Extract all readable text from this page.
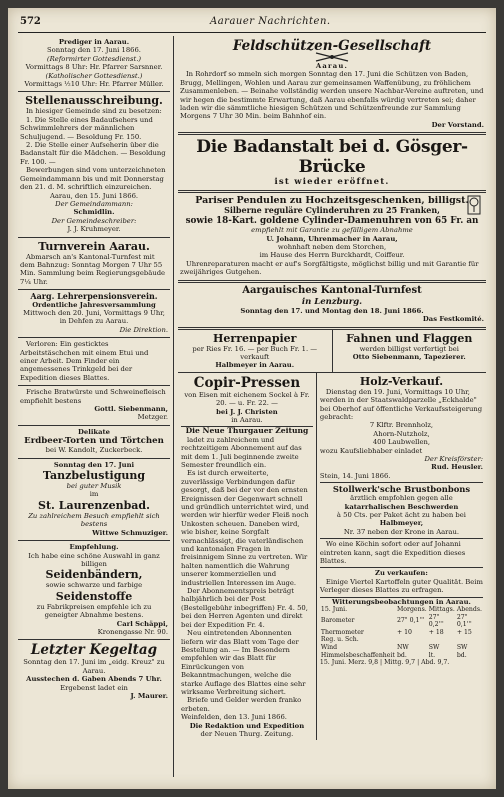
572	Aarauer Nachrichten.

Prediger in Aarau.

Sonntag den 17. Juni 1866.

(Reformirter Gottesdienst.)

Vormittags 8 Uhr: Hr. Pfarrer Sarsnner.

(Katholischer Gottesdienst.)

Vormittags ½10 Uhr: Hr. Pfarrer Müller.

Stellenausschreibung.

In hiesiger Gemeinde sind zu besetzen:

1. Die Stelle eines Badaufsehers und Schwimmlehrers der männlichen Schuljugend. — Besoldung Fr. 150.

2. Die Stelle einer Aufseherin über die Badanstalt für die Mädchen. — Besoldung Fr. 100. —

Bewerbungen sind vom unterzeichneten Gemeindammann bis und mit Donnerstag den 21. d. M. schriftlich einzureichen.

Aarau, den 15. Juni 1866.

Der Gemeindammann:

Schmidlin.

Der Gemeindeschreiber:

J. J. Kruhmeyer.

Turnverein Aarau.

Abmarsch an's Kantonal-Turnfest mit dem Bahnzug: Sonntag Morgen 7 Uhr 55 Min. Sammlung beim Regierungsgebäude 7¼ Uhr.

Aarg. Lehrerpensionsverein.

Ordentliche Jahresversammlung

Mittwoch den 20. Juni, Vormittags 9 Uhr, in Dehfen zu Aarau.

Die Direktion.

Verloren: Ein gesticktes Arbeitstäschchen mit einem Etui und einer Arbeit. Dem Finder ein angemessenes Trinkgeld bei der Expedition dieses Blattes.

Frische Bratwürste und Schweinefleisch empfiehlt bestens

Gottl. Siebenmann,

Metzger.

Delikate

Erdbeer-Torten und Törtchen

bei W. Kandolt, Zuckerbeck.

Sonntag den 17. Juni

Tanzbelustigung

bei guter Musik

im

St. Laurenzenbad.

Zu zahlreichem Besuch empfiehlt sich bestens

Wittwe Schmuziger.

Empfehlung.

Ich habe eine schöne Auswahl in ganz billigen

Seidenbändern,

sowie schwarze und farbige

Seidenstoffe

zu Fabrikpreisen empfehle ich zu geneigter Abnahme bestens.

Carl Schäppi,

Kronengasse Nr. 90.

Letzter Kegeltag

Sonntag den 17. Juni im „eidg. Kreuz" zu Aarau.

Ausstechen d. Gaben Abends 7 Uhr.

Ergebenst ladet ein

J. Maurer.

Feldschützen-Gesellschaft

Aarau.

In Rohrdorf so mmeln sich morgen Sonntag den 17. Juni die Schützen von Baden, Brugg, Mellingen, Wohlen und Aarau zur gemeinsamen Waffenübung, zu fröhlichem Zusammenleben. — Beinahe vollständig werden unsere Nachbar-Vereine auftreten, und wir hegen die bestimmte Erwartung, daß Aarau ebenfalls würdig vertreten sei; daher laden wir die sämmtliche hiesigen Schützen und Schützenfreunde zur Sammlung Morgens 7 Uhr 30 Min. beim Bahnhof ein.

Der Vorstand.

Die Badanstalt bei d. Gösger-Brücke

ist wieder eröffnet.

Pariser Pendulen zu Hochzeitsgeschenken, billigst.

Silberne reguläre Cylinderuhren zu 25 Franken,

sowie 18-Kart. goldene Cylinder-Damenuhren von 65 Fr. an

empfiehlt mit Garantie zu gefälligem Abnahme

U. Johann, Uhrenmacher in Aarau,

wohnhaft neben dem Storchen,

im Hause des Herrn Burckhardt, Coiffeur.

Uhrenreparaturen macht er auf's Sorgfältigste, möglichst billig und mit Garantie für zweijähriges Gutgehen.

Aargauisches Kantonal-Turnfest

in Lenzburg.

Sonntag den 17. und Montag den 18. Juni 1866.

Das Festkomité.

Herrenpapier

per Ries Fr. 16. — per Buch Fr. 1. — verkauft

Halbmeyer in Aarau.

Fahnen und Flaggen

werden billigst verfertigt bei

Otto Siebenmann, Tapezierer.

Copir-Pressen

von Eisen mit eichenem Sockel à Fr. 20. — u. Fr. 22. —

bei J. J. Christen

in Aarau.

Die Neue Thurgauer Zeitung

ladet zu zahlreichem und rechtzeitigem Abonnement auf das mit dem 1. Juli beginnende zweite Semester freundlich ein.

Es ist durch erweiterte, zuverlässige Verbindungen dafür gesorgt, daß bei der vor den ernsten Ereignissen der Gegenwart schnell und gründlich unterrichtet wird, und werden wir hierfür weder Fleiß noch Unkosten scheuen. Daneben wird, wie bisher, keine Sorgfalt vernachlässigt, die vaterländischen und kantonalen Fragen in freisinnigem Sinne zu vertreten. Wir halten namentlich die Wahrung unserer kommerziellen und industriellen Interessen im Auge.

Der Abonnementspreis beträgt halbjährlich bei der Post (Bestellgebühr inbegriffen) Fr. 4. 50, bei den Herren Agenten und direkt bei der Expedition Fr. 4.

Neu eintretenden Abonnenten liefern wir das Blatt vom Tage der Bestellung an. — Im Besondern empfehlen wir das Blatt für Einrückungen von Bekanntmachungen, welche die starke Auflage des Blattes eine sehr wirksame Verbreitung sichert.

Briefe und Gelder werden franko erbeten.

Weinfelden, den 13. Juni 1866.

Die Redaktion und Expedition

der Neuen Thurg. Zeitung.

Holz-Verkauf.

Dienstag den 19. Juni, Vormittags 10 Uhr, werden in der Staatswaldparzelle „Eckhalde" bei Oberhof auf öffentliche Verkaufssteigerung gebracht:

7 Klftr. Brennholz,

Ahorn-Nutzholz,

400 Laubwellen,

wozu Kaufsliebhaber einladet

Der Kreisförster:

Rud. Heusler.

Stein, 14. Juni 1866.

Stollwerk'sche Brustbonbons

ärztlich empfohlen gegen alle

katarrhalischen Beschwerden

à 50 Cts. per Paket ächt zu haben bei

Halbmeyer,

Nr. 37 neben der Krone in Aarau.

Wo eine Köchin sofort oder auf Johanni eintreten kann, sagt die Expedition dieses Blattes.

Zu verkaufen:

Einige Viertel Kartoffeln guter Qualität. Beim Verleger dieses Blattes zu erfragen.

Witterungsbeobachtungen in Aarau.

15. Juni.	Morgens.	Mittags.	Abends.
Barometer	27" 0,1'''	27" 0,2'''	27" 0,1'''
Thermometer	+ 10	+ 18	+ 15
Reg. u. Sch.			
Wind	NW	SW	SW
Himmelsbeschaffenheit	bd.	lt.	bd.

15. Juni. Merz. 9,8 | Mittg. 9,7 | Abd. 9,7.
